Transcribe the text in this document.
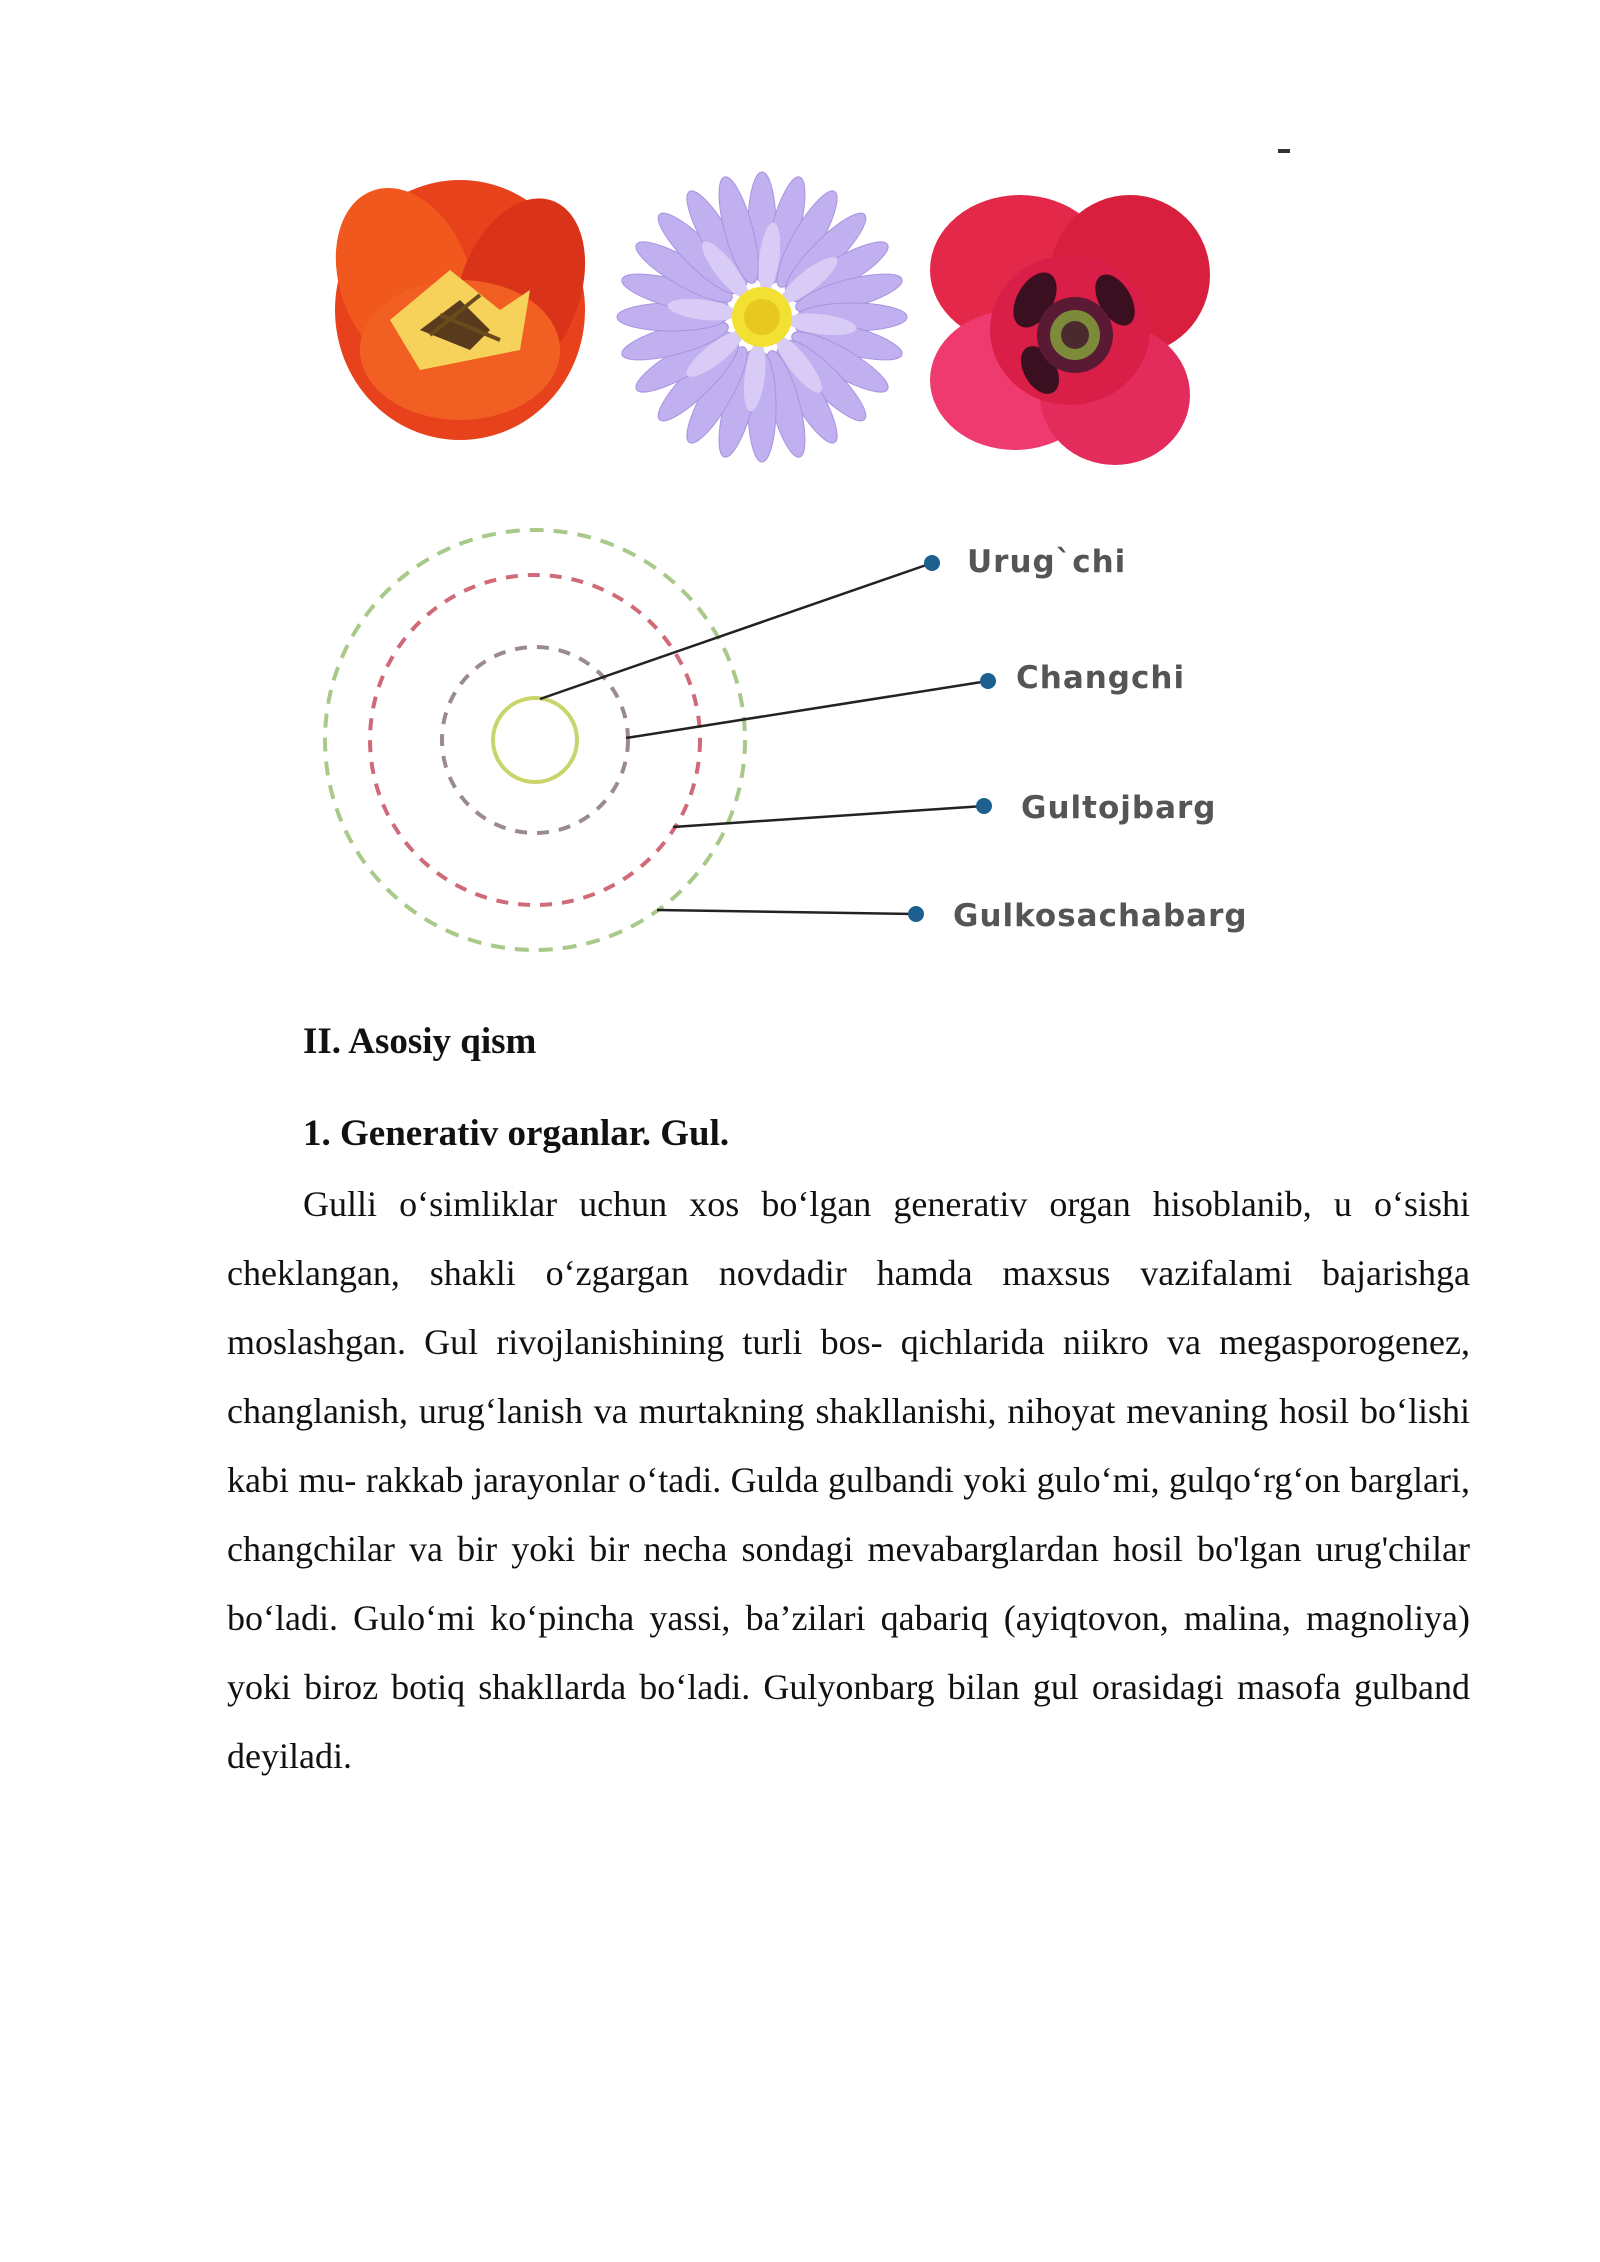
Urug`chi
Changchi
Gultojbarg
Gulkosachabarg
II. Asosiy qism
1. Generativ organlar. Gul.

Gulli o‘simliklar uchun xos bo‘lgan generativ organ hisoblanib, u o‘sishi cheklangan, shakli o‘zgargan novdadir hamda maxsus vazifalami bajarishga moslashgan. Gul rivojlanishining turli bos- qichlarida niikro va megasporogenez, changlanish, urug‘lanish va murtakning shakllanishi, nihoyat mevaning hosil bo‘lishi kabi mu- rakkab jarayonlar o‘tadi. Gulda gulbandi yoki gulo‘mi, gulqo‘rg‘on barglari, changchilar va bir yoki bir necha sondagi mevabarglardan hosil bo'lgan urug'chilar bo‘ladi. Gulo‘mi ko‘pincha yassi, ba’zilari qabariq (ayiqtovon, malina, magnoliya) yoki biroz botiq shakllarda bo‘ladi. Gulyonbarg bilan gul orasidagi masofa gulband deyiladi.
